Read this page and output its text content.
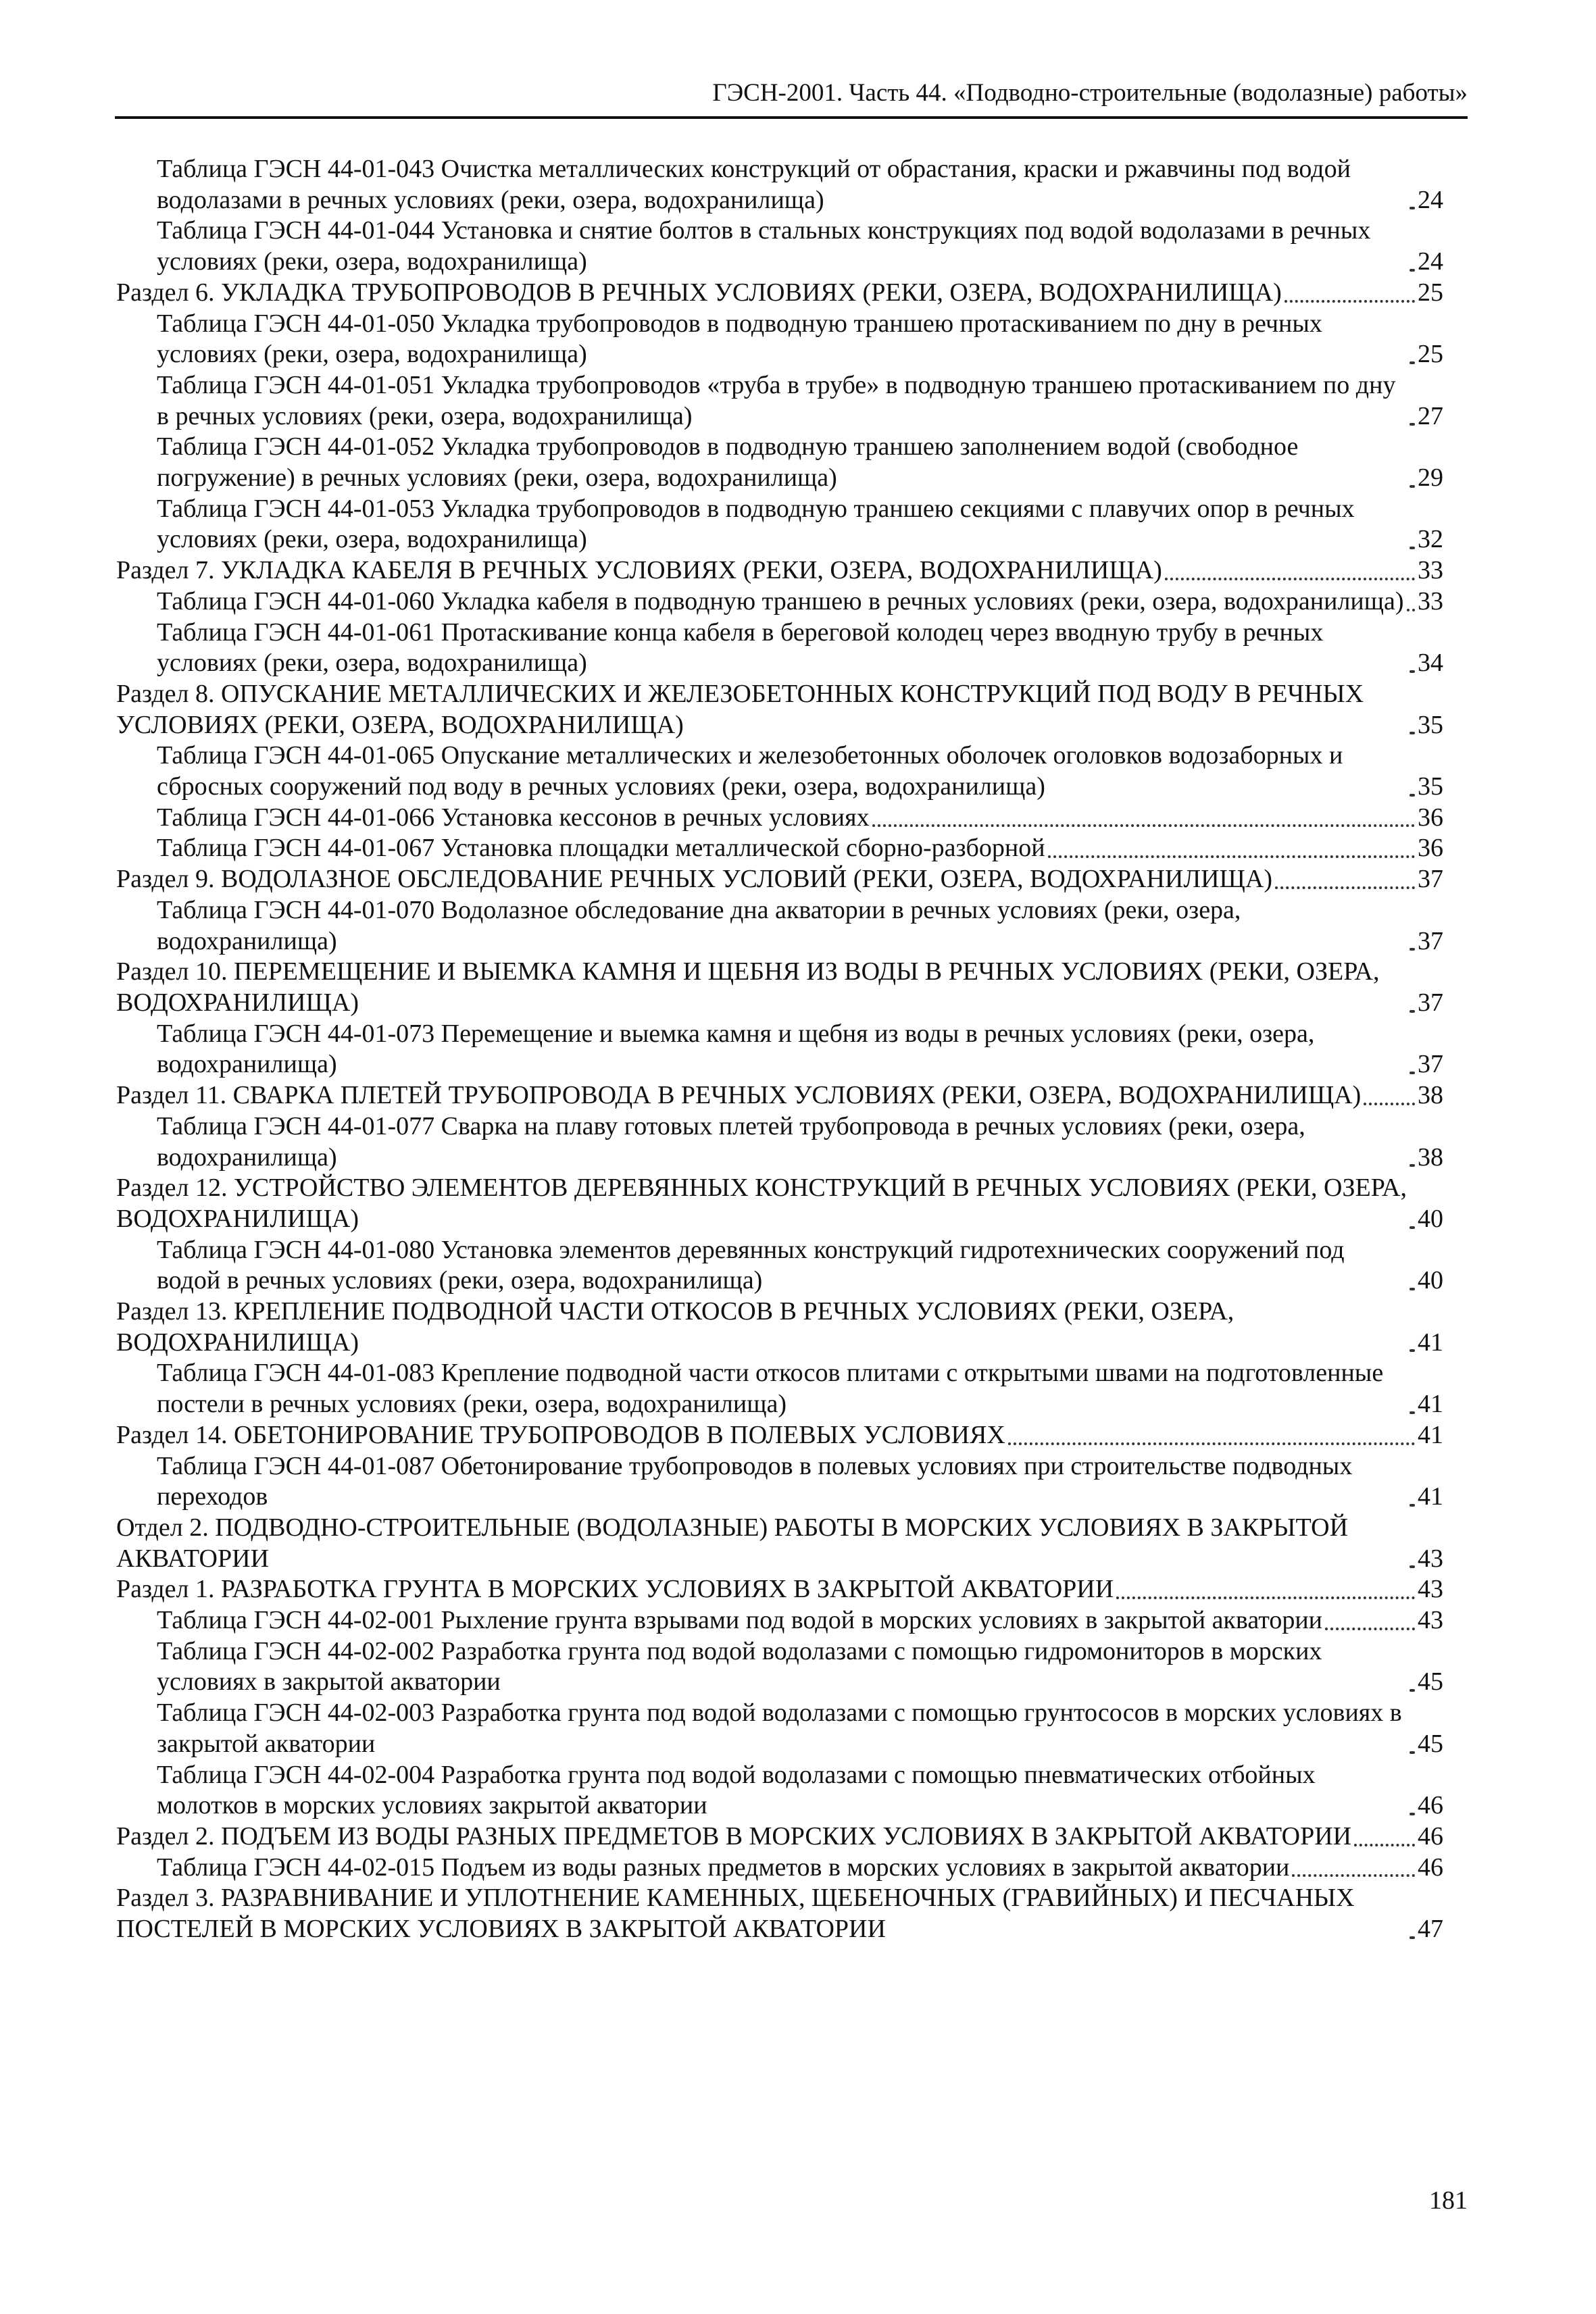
ГЭСН-2001. Часть 44. «Подводно-строительные (водолазные) работы»
Таблица ГЭСН 44-01-043 Очистка металлических конструкций от обрастания, краски и ржавчины под водой водолазами в речных условиях (реки, озера, водохранилища)	24
Таблица ГЭСН 44-01-044 Установка и снятие болтов в стальных конструкциях под водой водолазами в речных условиях (реки, озера, водохранилища)	24
Раздел 6. УКЛАДКА ТРУБОПРОВОДОВ В РЕЧНЫХ УСЛОВИЯХ (РЕКИ, ОЗЕРА, ВОДОХРАНИЛИЩА)	25
Таблица ГЭСН 44-01-050 Укладка трубопроводов в подводную траншею протаскиванием по дну в речных условиях (реки, озера, водохранилища)	25
Таблица ГЭСН 44-01-051 Укладка трубопроводов «труба в трубе» в подводную траншею протаскиванием по дну в речных условиях (реки, озера, водохранилища)	27
Таблица ГЭСН 44-01-052 Укладка трубопроводов в подводную траншею заполнением водой (свободное погружение) в речных условиях (реки, озера, водохранилища)	29
Таблица ГЭСН 44-01-053 Укладка трубопроводов в подводную траншею секциями с плавучих опор в речных условиях (реки, озера, водохранилища)	32
Раздел 7. УКЛАДКА КАБЕЛЯ В РЕЧНЫХ УСЛОВИЯХ (РЕКИ, ОЗЕРА, ВОДОХРАНИЛИЩА)	33
Таблица ГЭСН 44-01-060 Укладка кабеля в подводную траншею в речных условиях (реки, озера, водохранилища) 33
Таблица ГЭСН 44-01-061 Протаскивание конца кабеля в береговой колодец через вводную трубу в речных условиях (реки, озера, водохранилища)	34
Раздел 8. ОПУСКАНИЕ МЕТАЛЛИЧЕСКИХ И ЖЕЛЕЗОБЕТОННЫХ КОНСТРУКЦИЙ ПОД ВОДУ В РЕЧНЫХ УСЛОВИЯХ (РЕКИ, ОЗЕРА, ВОДОХРАНИЛИЩА)	35
Таблица ГЭСН 44-01-065 Опускание металлических и железобетонных оболочек оголовков водозаборных и сбросных сооружений под воду в речных условиях (реки, озера, водохранилища)	35
Таблица ГЭСН 44-01-066 Установка кессонов в речных условиях	36
Таблица ГЭСН 44-01-067 Установка площадки металлической сборно-разборной	36
Раздел 9. ВОДОЛАЗНОЕ ОБСЛЕДОВАНИЕ РЕЧНЫХ УСЛОВИЙ (РЕКИ, ОЗЕРА, ВОДОХРАНИЛИЩА)	37
Таблица ГЭСН 44-01-070 Водолазное обследование дна акватории в речных условиях (реки, озера, водохранилища)	37
Раздел 10. ПЕРЕМЕЩЕНИЕ И ВЫЕМКА КАМНЯ И ЩЕБНЯ ИЗ ВОДЫ В РЕЧНЫХ УСЛОВИЯХ (РЕКИ, ОЗЕРА, ВОДОХРАНИЛИЩА)	37
Таблица ГЭСН 44-01-073 Перемещение и выемка камня и щебня из воды в речных условиях (реки, озера, водохранилища)	37
Раздел 11. СВАРКА ПЛЕТЕЙ ТРУБОПРОВОДА В РЕЧНЫХ УСЛОВИЯХ (РЕКИ, ОЗЕРА, ВОДОХРАНИЛИЩА) 38
Таблица ГЭСН 44-01-077 Сварка на плаву готовых плетей трубопровода в речных условиях (реки, озера, водохранилища)	38
Раздел 12. УСТРОЙСТВО ЭЛЕМЕНТОВ ДЕРЕВЯННЫХ КОНСТРУКЦИЙ В РЕЧНЫХ УСЛОВИЯХ (РЕКИ, ОЗЕРА, ВОДОХРАНИЛИЩА)	40
Таблица ГЭСН 44-01-080 Установка элементов деревянных конструкций гидротехнических сооружений под водой в речных условиях (реки, озера, водохранилища)	40
Раздел 13. КРЕПЛЕНИЕ ПОДВОДНОЙ ЧАСТИ ОТКОСОВ В РЕЧНЫХ УСЛОВИЯХ (РЕКИ, ОЗЕРА, ВОДОХРАНИЛИЩА)	41
Таблица ГЭСН 44-01-083 Крепление подводной части откосов плитами с открытыми швами на подготовленные постели в речных условиях (реки, озера, водохранилища)	41
Раздел 14. ОБЕТОНИРОВАНИЕ ТРУБОПРОВОДОВ В ПОЛЕВЫХ УСЛОВИЯХ	41
Таблица ГЭСН 44-01-087 Обетонирование трубопроводов в полевых условиях при строительстве подводных переходов	41
Отдел 2. ПОДВОДНО-СТРОИТЕЛЬНЫЕ (ВОДОЛАЗНЫЕ) РАБОТЫ В МОРСКИХ УСЛОВИЯХ В ЗАКРЫТОЙ АКВАТОРИИ	43
Раздел 1. РАЗРАБОТКА ГРУНТА В МОРСКИХ УСЛОВИЯХ В ЗАКРЫТОЙ АКВАТОРИИ	43
Таблица ГЭСН 44-02-001 Рыхление грунта взрывами под водой в морских условиях в закрытой акватории	43
Таблица ГЭСН 44-02-002 Разработка грунта под водой водолазами с помощью гидромониторов в морских условиях в закрытой акватории	45
Таблица ГЭСН 44-02-003 Разработка грунта под водой водолазами с помощью грунтососов в морских условиях в закрытой акватории	45
Таблица ГЭСН 44-02-004 Разработка грунта под водой водолазами с помощью пневматических отбойных молотков в морских условиях закрытой акватории	46
Раздел 2. ПОДЪЕМ ИЗ ВОДЫ РАЗНЫХ ПРЕДМЕТОВ В МОРСКИХ УСЛОВИЯХ В ЗАКРЫТОЙ АКВАТОРИИ	46
Таблица ГЭСН 44-02-015 Подъем из воды разных предметов в морских условиях в закрытой акватории	46
Раздел 3. РАЗРАВНИВАНИЕ И УПЛОТНЕНИЕ КАМЕННЫХ, ЩЕБЕНОЧНЫХ (ГРАВИЙНЫХ) И ПЕСЧАНЫХ ПОСТЕЛЕЙ В МОРСКИХ УСЛОВИЯХ В ЗАКРЫТОЙ АКВАТОРИИ	47
181
